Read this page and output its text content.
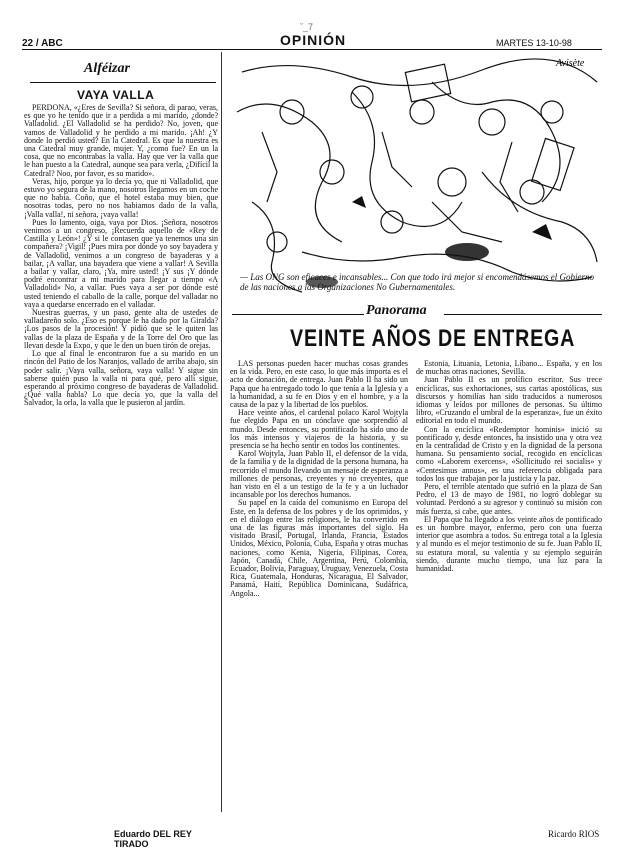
ˇ_7
22 / ABC	OPINIÓN	MARTES 13-10-98
Alféizar
VAYA VALLA

PERDONA, «¿Eres de Sevilla? Si señora, di parao, veras, es que yo he tenido que ir a perdida a mi marido, ¿donde? Valladolid. ¿El Valladolid se ha perdido? No, joven, que vamos de Valladolid y he perdido a mi marido. ¡Ah! ¿Y donde lo perdió usted? En la Catedral. Es que la nuestra es una Catedral muy grande, mujer. Y, ¿como fue? En un la cosa, que no encontrabas la valla. Hay que ver la valla que le han puesto a la Catedral, aunque sea para verla, ¿Difícil la Catedral? Noo, por favor, es su marido».

Veras, hijo, porque ya lo decía yo, que ni Valladolid, que estuvo yo segura de la mano, nosotros llegamos en un coche que no habia. Coño, que el hotel estaba muy bien, que nosotras todas, pero no nos habiamos dado de la valla, ¡Valla valla!, ni señora, ¡vaya valla!

Pues lo lamento, oiga, vaya por Dios. ¡Señora, nosotros venimos a un congreso, ¡Recuerda aquello de «Rey de Castilla y León»! ¿Y si le contasen que ya tenemos una sin compañera? ¡Vigil! ¡Pues mira por dónde yo soy bayadera y de Valladolid, venimos a un congreso de bayaderas y a bailar, ¡A vallar, una bayadera que viene a vallar! A Sevilla a bailar y vallar, claro, ¡Ya, mire usted! ¡Y sus ¡Y dónde podré encontrar a mi marido para llegar a tiempo «A Valladolid» No, a vallar. Pues vaya a ser por dónde esté usted teniendo el caballo de la calle, porque del valladar no vaya a quedarse encerrado en el valladar.

Nuestras guerras, y un paso, gente alta de ustedes de valladareño solo. ¿Eso es porque le ha dado por la Giralda? ¡Los pasos de la procesión! Y pidió que se le quiten las vallas de la plaza de España y de la Torre del Oro que las llevan desde la Expo, y que le den un buen tirón de orejas.

Lo que al final le encontraron fue a su marido en un rincón del Patio de los Naranjos, vallado de arriba abajo, sin poder salir. ¡Vaya valla, señora, vaya valla! Y sigue sin saberse quién puso la valla ni para qué, pero allí sigue, esperando al próximo congreso de bayaderas de Valladolid. ¿Qué valla habla? Lo que decía yo, que la valla del Salvador, la orla, la valla que le pusieron al jardín.

Eduardo DEL REY TIRADO
Avisète
— Las ONG son eficaces e incansables... Con que todo irá mejor si encomendásemos el Gobierno de las naciones a las Organizaciones No Gubernamentales.
Panorama
VEINTE AÑOS DE ENTREGA

LAS personas pueden hacer muchas cosas grandes en la vida. Pero, en este caso, lo que más importa es el acto de donación, de entrega. Juan Pablo II ha sido un Papa que ha entregado todo lo que tenía a la Iglesia y a la humanidad, a su fe en Dios y en el hombre, y a la causa de la paz y la libertad de los pueblos.

Hace veinte años, el cardenal polaco Karol Wojtyla fue elegido Papa en un cónclave que sorprendió al mundo. Desde entonces, su pontificado ha sido uno de los más intensos y viajeros de la historia, y su presencia se ha hecho sentir en todos los continentes.

Karol Wojtyla, Juan Pablo II, el defensor de la vida, de la familia y de la dignidad de la persona humana, ha recorrido el mundo llevando un mensaje de esperanza a millones de personas, creyentes y no creyentes, que han visto en él a un testigo de la fe y a un luchador incansable por los derechos humanos.

Su papel en la caída del comunismo en Europa del Este, en la defensa de los pobres y de los oprimidos, y en el diálogo entre las religiones, le ha convertido en una de las figuras más importantes del siglo. Ha visitado Brasil, Portugal, Irlanda, Francia, Estados Unidos, México, Polonia, Cuba, España y otras muchas naciones, como Kenia, Nigeria, Filipinas, Corea, Japón, Canadá, Chile, Argentina, Perú, Colombia, Ecuador, Bolivia, Paraguay, Uruguay, Venezuela, Costa Rica, Guatemala, Honduras, Nicaragua, El Salvador, Panamá, Haití, República Dominicana, Sudáfrica, Angola...

Estonia, Lituania, Letonia, Líbano... España, y en los de muchas otras naciones, Sevilla.

Juan Pablo II es un prolífico escritor. Sus trece encíclicas, sus exhortaciones, sus cartas apostólicas, sus discursos y homilías han sido traducidos a numerosos idiomas y leídos por millones de personas. Su último libro, «Cruzando el umbral de la esperanza», fue un éxito editorial en todo el mundo.

Con la encíclica «Redemptor hominis» inició su pontificado y, desde entonces, ha insistido una y otra vez en la centralidad de Cristo y en la dignidad de la persona humana. Su pensamiento social, recogido en encíclicas como «Laborem exercens», «Sollicitudo rei socialis» y «Centesimus annus», es una referencia obligada para todos los que trabajan por la justicia y la paz.

Pero, el terrible atentado que sufrió en la plaza de San Pedro, el 13 de mayo de 1981, no logró doblegar su voluntad. Perdonó a su agresor y continuó su misión con más fuerza, si cabe, que antes.

El Papa que ha llegado a los veinte años de pontificado es un hombre mayor, enfermo, pero con una fuerza interior que asombra a todos. Su entrega total a la Iglesia y al mundo es el mejor testimonio de su fe. Juan Pablo II, su estatura moral, su valentía y su ejemplo seguirán siendo, durante mucho tiempo, una luz para la humanidad.

Ricardo RIOS
